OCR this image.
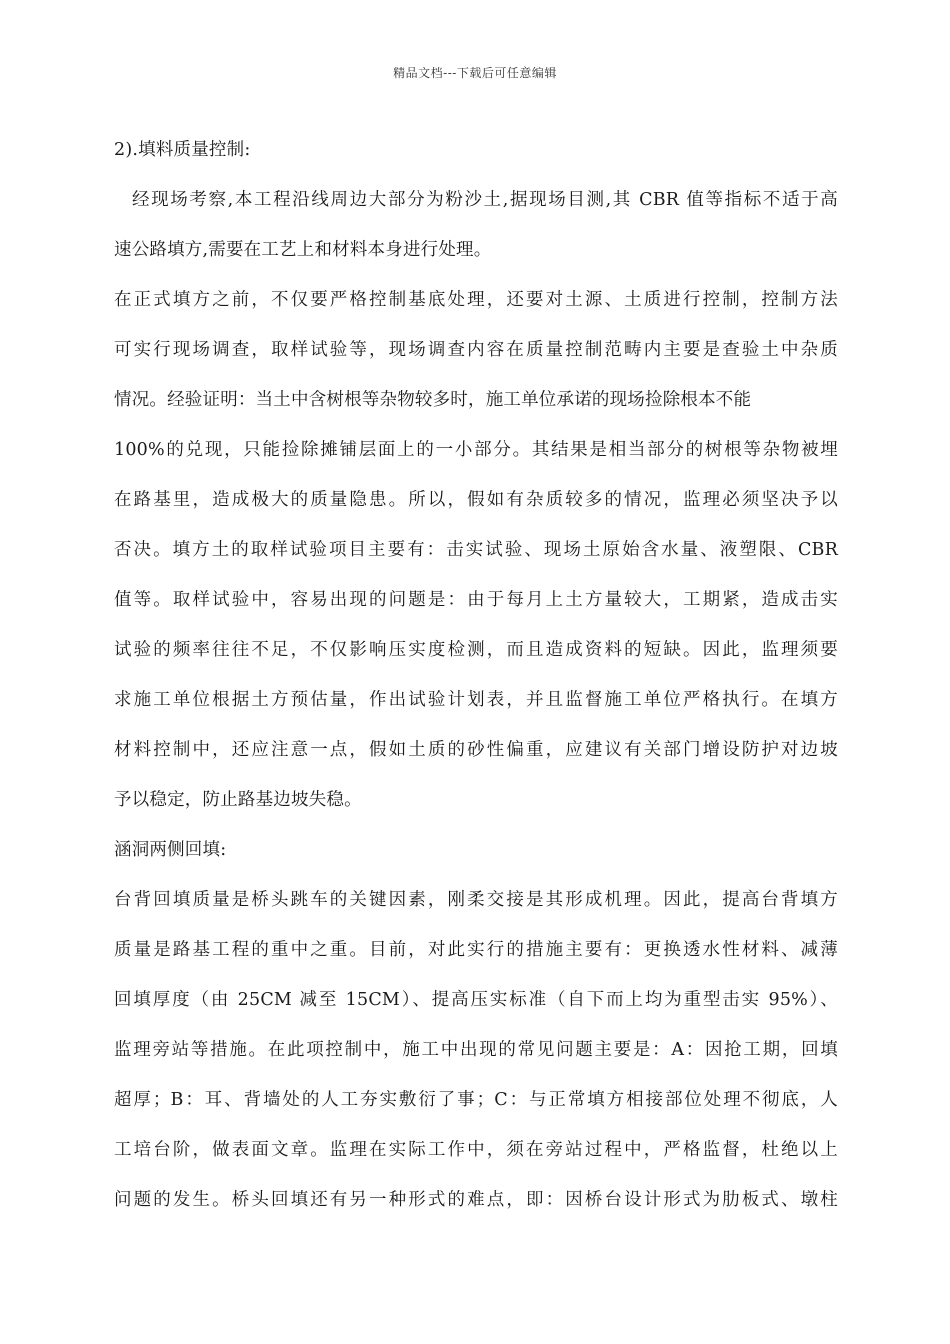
精品文档---下载后可任意编辑
2).填料质量控制:
经现场考察,本工程沿线周边大部分为粉沙土,据现场目测,其 CBR 值等指标不适于高
速公路填方,需要在工艺上和材料本身进行处理。
在正式填方之前，不仅要严格控制基底处理，还要对土源、土质进行控制，控制方法
可实行现场调查，取样试验等，现场调查内容在质量控制范畴内主要是查验土中杂质
情况。经验证明：当土中含树根等杂物较多时，施工单位承诺的现场捡除根本不能
100%的兑现，只能捡除摊铺层面上的一小部分。其结果是相当部分的树根等杂物被埋
在路基里，造成极大的质量隐患。所以，假如有杂质较多的情况，监理必须坚决予以
否决。填方土的取样试验项目主要有：击实试验、现场土原始含水量、液塑限、CBR
值等。取样试验中，容易出现的问题是：由于每月上土方量较大，工期紧，造成击实
试验的频率往往不足，不仅影响压实度检测，而且造成资料的短缺。因此，监理须要
求施工单位根据土方预估量，作出试验计划表，并且监督施工单位严格执行。在填方
材料控制中，还应注意一点，假如土质的砂性偏重，应建议有关部门增设防护对边坡
予以稳定，防止路基边坡失稳。
涵洞两侧回填:
台背回填质量是桥头跳车的关键因素，刚柔交接是其形成机理。因此，提高台背填方
质量是路基工程的重中之重。目前，对此实行的措施主要有：更换透水性材料、减薄
回填厚度（由 25CM 减至 15CM）、提高压实标准（自下而上均为重型击实 95%）、
监理旁站等措施。在此项控制中，施工中出现的常见问题主要是：A：因抢工期，回填
超厚；B：耳、背墙处的人工夯实敷衍了事；C：与正常填方相接部位处理不彻底，人
工培台阶，做表面文章。监理在实际工作中，须在旁站过程中，严格监督，杜绝以上
问题的发生。桥头回填还有另一种形式的难点，即：因桥台设计形式为肋板式、墩柱
